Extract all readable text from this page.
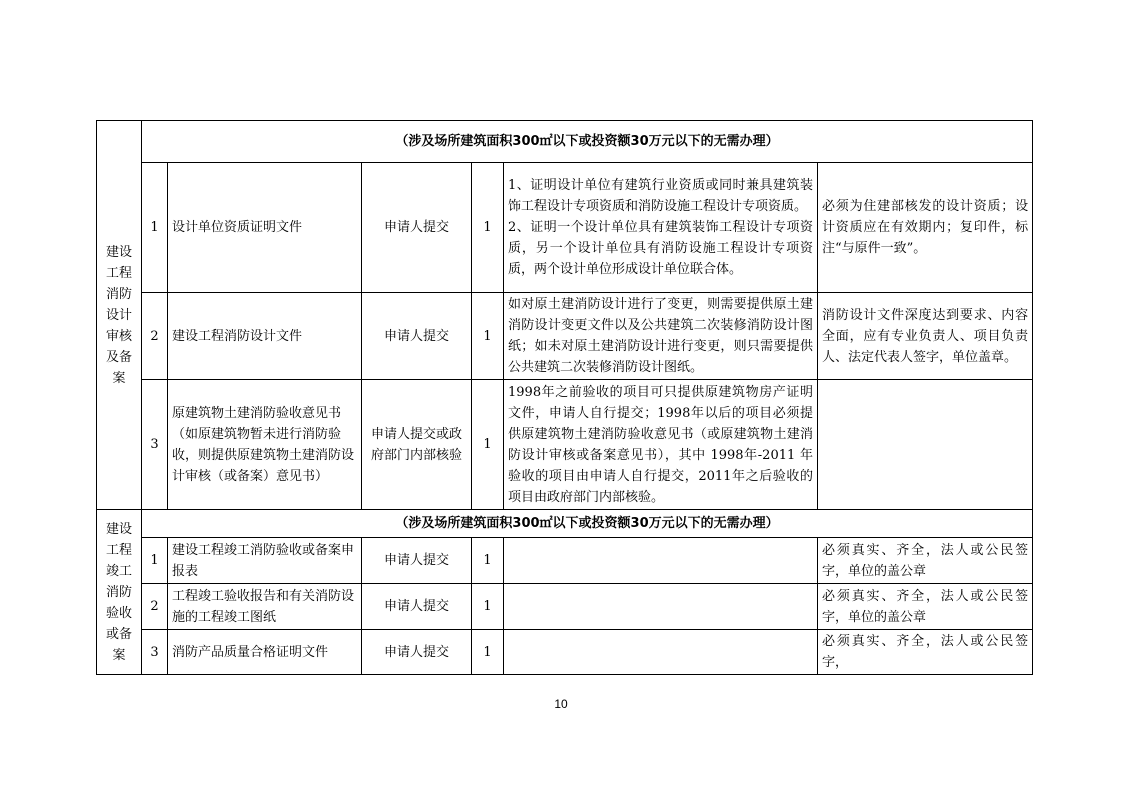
建设工程消防设计审核及备案	（涉及场所建筑面积300㎡以下或投资额30万元以下的无需办理）					
	1	设计单位资质证明文件	申请人提交	1	1、证明设计单位有建筑行业资质或同时兼具建筑装饰工程设计专项资质和消防设施工程设计专项资质。
2、证明一个设计单位具有建筑装饰工程设计专项资质，另一个设计单位具有消防设施工程设计专项资质，两个设计单位形成设计单位联合体。	必须为住建部核发的设计资质；设计资质应在有效期内；复印件，标注“与原件一致”。
	2	建设工程消防设计文件	申请人提交	1	如对原土建消防设计进行了变更，则需要提供原土建消防设计变更文件以及公共建筑二次装修消防设计图纸；如未对原土建消防设计进行变更，则只需要提供公共建筑二次装修消防设计图纸。	消防设计文件深度达到要求、内容全面，应有专业负责人、项目负责人、法定代表人签字，单位盖章。
	3	原建筑物土建消防验收意见书（如原建筑物暂未进行消防验收，则提供原建筑物土建消防设计审核（或备案）意见书）	申请人提交或政府部门内部核验	1	1998年之前验收的项目可只提供原建筑物房产证明文件，申请人自行提交；1998年以后的项目必须提供原建筑物土建消防验收意见书（或原建筑物土建消防设计审核或备案意见书），其中 1998年-2011 年验收的项目由申请人自行提交，2011年之后验收的项目由政府部门内部核验。	
建设工程竣工消防验收或备案	（涉及场所建筑面积300㎡以下或投资额30万元以下的无需办理）					
	1	建设工程竣工消防验收或备案申报表	申请人提交	1		必须真实、齐全，法人或公民签字，单位的盖公章
	2	工程竣工验收报告和有关消防设施的工程竣工图纸	申请人提交	1		必须真实、齐全，法人或公民签字，单位的盖公章
	3	消防产品质量合格证明文件	申请人提交	1		必须真实、齐全，法人或公民签字，
10
